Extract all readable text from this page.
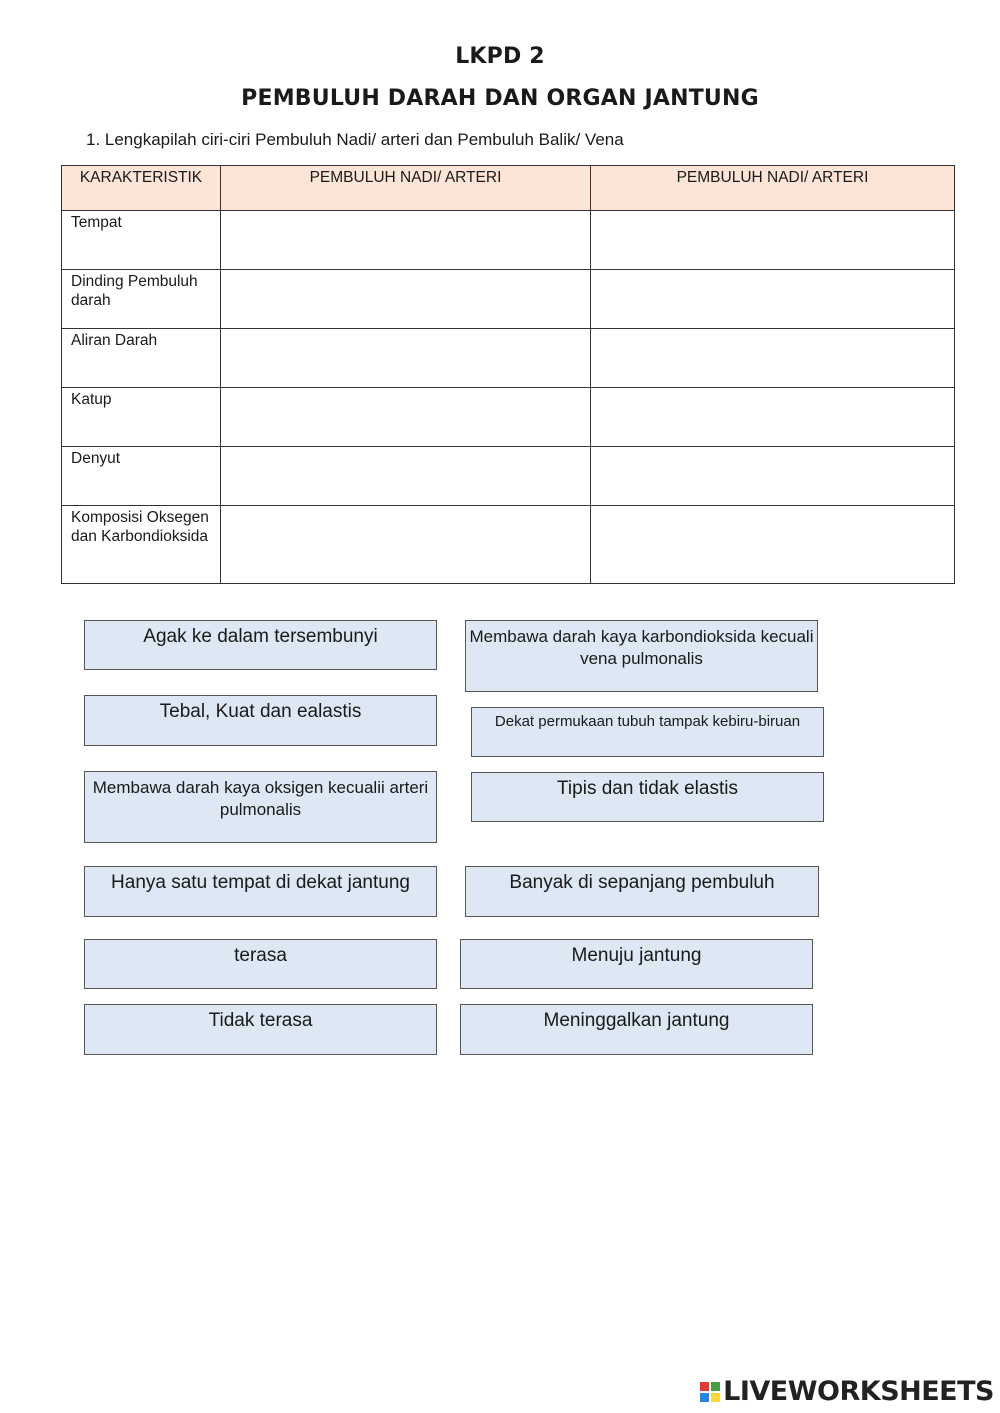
LKPD 2
PEMBULUH DARAH DAN ORGAN JANTUNG
1. Lengkapilah ciri-ciri Pembuluh Nadi/ arteri dan Pembuluh Balik/ Vena
KARAKTERISTIK	PEMBULUH NADI/ ARTERI	PEMBULUH NADI/ ARTERI
Tempat		
Dinding Pembuluh darah		
Aliran Darah		
Katup		
Denyut		
Komposisi Oksegen dan Karbondioksida		
Agak ke dalam tersembunyi	Membawa darah kaya karbondioksida kecuali vena pulmonalis
Tebal, Kuat dan ealastis	Dekat permukaan tubuh tampak kebiru-biruan
Membawa darah kaya oksigen kecualii arteri pulmonalis
Tipis dan tidak elastis
Hanya satu tempat di dekat jantung	Banyak di sepanjang pembuluh
terasa	Menuju jantung
Tidak terasa	Meninggalkan jantung
LIVEWORKSHEETS
